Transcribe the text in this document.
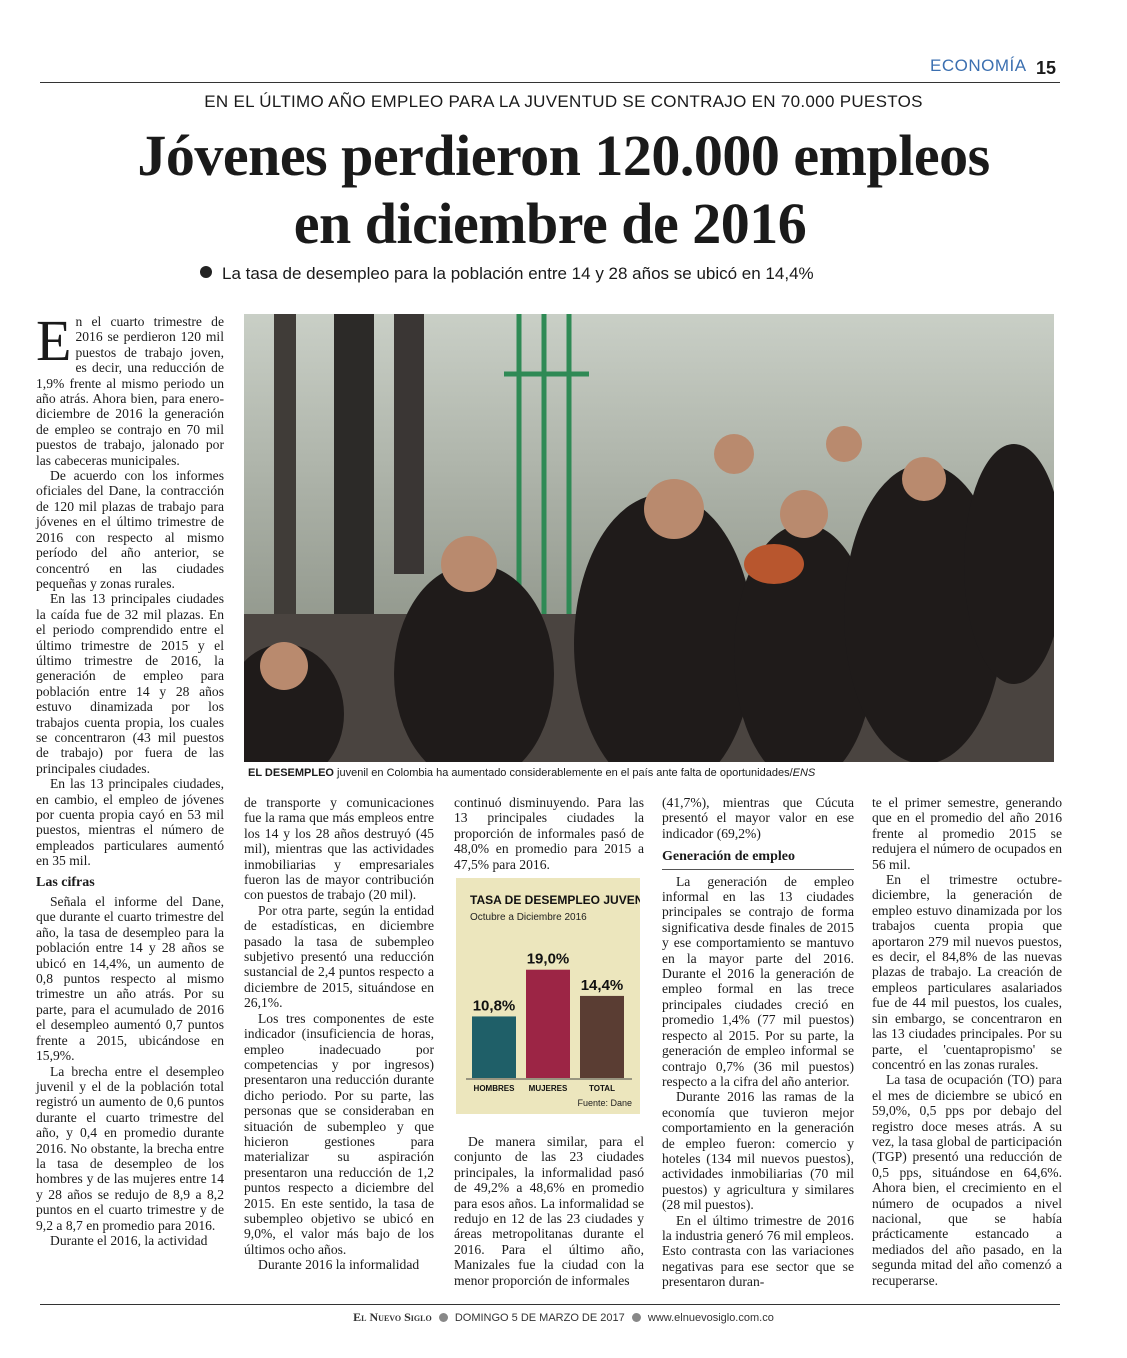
ECONOMÍA 15
EN EL ÚLTIMO AÑO EMPLEO PARA LA JUVENTUD SE CONTRAJO EN 70.000 PUESTOS
Jóvenes perdieron 120.000 empleos
en diciembre de 2016
La tasa de desempleo para la población entre 14 y 28 años se ubicó en 14,4%
EL DESEMPLEO juvenil en Colombia ha aumentado considerablemente en el país ante falta de oportunidades/ENS

En el cuarto trimestre de 2016 se perdieron 120 mil puestos de trabajo joven, es decir, una reducción de 1,9% frente al mismo periodo un año atrás. Ahora bien, para enero-diciembre de 2016 la generación de empleo se contrajo en 70 mil puestos de trabajo, jalonado por las cabeceras municipales.

De acuerdo con los informes oficiales del Dane, la contracción de 120 mil plazas de trabajo para jóvenes en el último trimestre de 2016 con respecto al mismo período del año anterior, se concentró en las ciudades pequeñas y zonas rurales.

En las 13 principales ciudades la caída fue de 32 mil plazas. En el periodo comprendido entre el último trimestre de 2015 y el último trimestre de 2016, la generación de empleo para población entre 14 y 28 años estuvo dinamizada por los trabajos cuenta propia, los cuales se concentraron (43 mil puestos de trabajo) por fuera de las principales ciudades.

En las 13 principales ciudades, en cambio, el empleo de jóvenes por cuenta propia cayó en 53 mil puestos, mientras el número de empleados particulares aumentó en 35 mil.

Las cifras

Señala el informe del Dane, que durante el cuarto trimestre del año, la tasa de desempleo para la población entre 14 y 28 años se ubicó en 14,4%, un aumento de 0,8 puntos respecto al mismo trimestre un año atrás. Por su parte, para el acumulado de 2016 el desempleo aumentó 0,7 puntos frente a 2015, ubicándose en 15,9%.

La brecha entre el desempleo juvenil y el de la población total registró un aumento de 0,6 puntos durante el cuarto trimestre del año, y 0,4 en promedio durante 2016. No obstante, la brecha entre la tasa de desempleo de los hombres y de las mujeres entre 14 y 28 años se redujo de 8,9 a 8,2 puntos en el cuarto trimestre y de 9,2 a 8,7 en promedio para 2016.

Durante el 2016, la actividad

de transporte y comunicaciones fue la rama que más empleos entre los 14 y los 28 años destruyó (45 mil), mientras que las actividades inmobiliarias y empresariales fueron las de mayor contribución con puestos de trabajo (20 mil).

Por otra parte, según la entidad de estadísticas, en diciembre pasado la tasa de subempleo subjetivo presentó una reducción sustancial de 2,4 puntos respecto a diciembre de 2015, situándose en 26,1%.

Los tres componentes de este indicador (insuficiencia de horas, empleo inadecuado por competencias y por ingresos) presentaron una reducción durante dicho periodo. Por su parte, las personas que se consideraban en situación de subempleo y que hicieron gestiones para materializar su aspiración presentaron una reducción de 1,2 puntos respecto a diciembre del 2015. En este sentido, la tasa de subempleo objetivo se ubicó en 9,0%, el valor más bajo de los últimos ocho años.

Durante 2016 la informalidad

continuó disminuyendo. Para las 13 principales ciudades la proporción de informales pasó de 48,0% en promedio para 2015 a 47,5% para 2016.

De manera similar, para el conjunto de las 23 ciudades principales, la informalidad pasó de 49,2% a 48,6% en promedio para esos años. La informalidad se redujo en 12 de las 23 ciudades y áreas metropolitanas durante el 2016. Para el último año, Manizales fue la ciudad con la menor proporción de informales

TASA DE DESEMPLEO JUVENIL
Octubre a Diciembre 2016
10,8%
HOMBRES
19,0%
MUJERES
14,4%
TOTAL
Fuente: Dane

(41,7%), mientras que Cúcuta presentó el mayor valor en ese indicador (69,2%)

Generación de empleo

La generación de empleo informal en las 13 ciudades principales se contrajo de forma significativa desde finales de 2015 y ese comportamiento se mantuvo en la mayor parte del 2016. Durante el 2016 la generación de empleo formal en las trece principales ciudades creció en promedio 1,4% (77 mil puestos) respecto al 2015. Por su parte, la generación de empleo informal se contrajo 0,7% (36 mil puestos) respecto a la cifra del año anterior.

Durante 2016 las ramas de la economía que tuvieron mejor comportamiento en la generación de empleo fueron: comercio y hoteles (134 mil nuevos puestos), actividades inmobiliarias (70 mil puestos) y agricultura y similares (28 mil puestos).

En el último trimestre de 2016 la industria generó 76 mil empleos. Esto contrasta con las variaciones negativas para ese sector que se presentaron duran-

te el primer semestre, generando que en el promedio del año 2016 frente al promedio 2015 se redujera el número de ocupados en 56 mil.

En el trimestre octubre-diciembre, la generación de empleo estuvo dinamizada por los trabajos cuenta propia que aportaron 279 mil nuevos puestos, es decir, el 84,8% de las nuevas plazas de trabajo. La creación de empleos particulares asalariados fue de 44 mil puestos, los cuales, sin embargo, se concentraron en las 13 ciudades principales. Por su parte, el 'cuentapropismo' se concentró en las zonas rurales.

La tasa de ocupación (TO) para el mes de diciembre se ubicó en 59,0%, 0,5 pps por debajo del registro doce meses atrás. A su vez, la tasa global de participación (TGP) presentó una reducción de 0,5 pps, situándose en 64,6%. Ahora bien, el crecimiento en el número de ocupados a nivel nacional, que se había prácticamente estancado a mediados del año pasado, en la segunda mitad del año comenzó a recuperarse.

El Nuevo Siglo DOMINGO 5 DE MARZO DE 2017 www.elnuevosiglo.com.co
